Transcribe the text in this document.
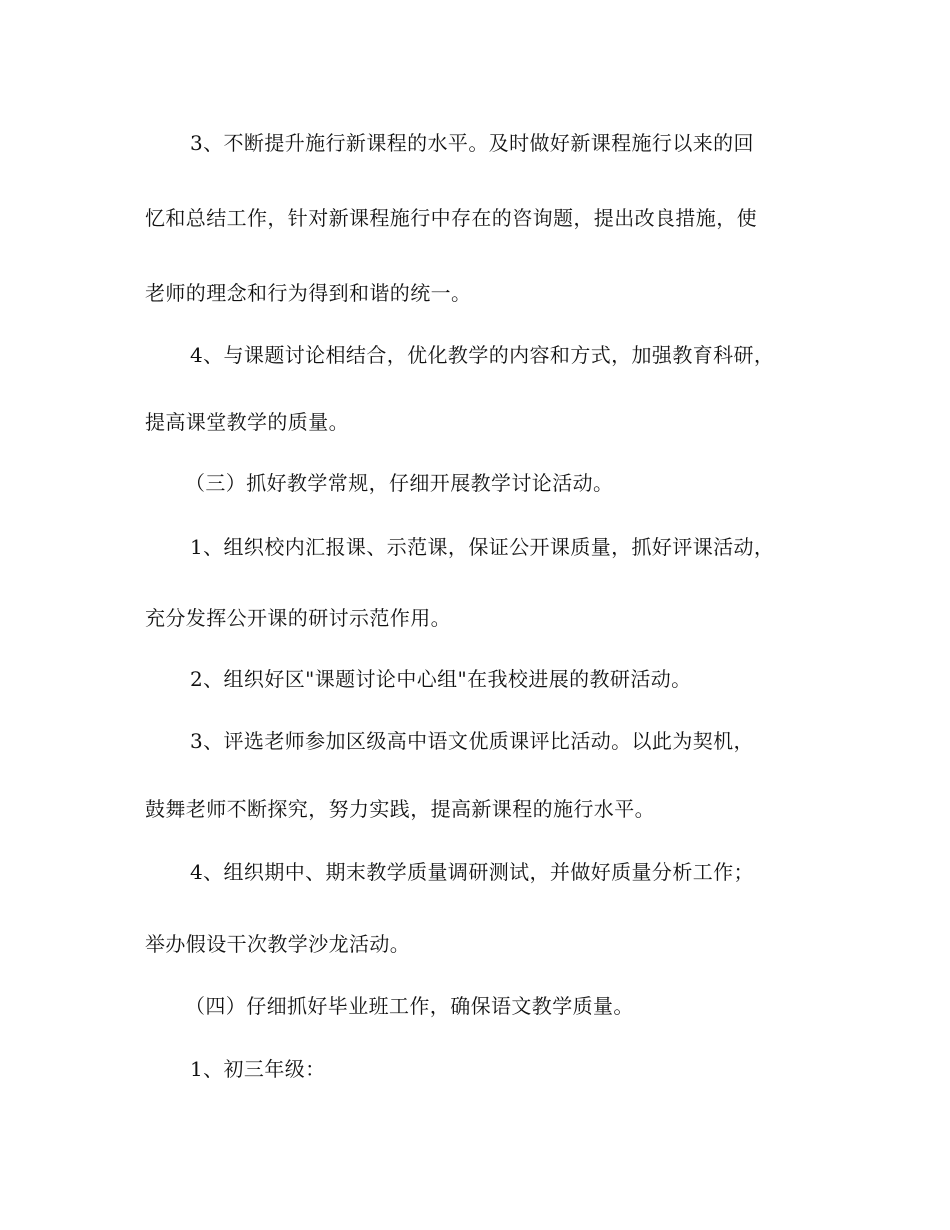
3、不断提升施行新课程的水平。及时做好新课程施行以来的回
忆和总结工作，针对新课程施行中存在的咨询题，提出改良措施，使
老师的理念和行为得到和谐的统一。
4、与课题讨论相结合，优化教学的内容和方式，加强教育科研，
提高课堂教学的质量。
（三）抓好教学常规，仔细开展教学讨论活动。
1、组织校内汇报课、示范课，保证公开课质量，抓好评课活动，
充分发挥公开课的研讨示范作用。
2、组织好区"课题讨论中心组"在我校进展的教研活动。
3、评选老师参加区级高中语文优质课评比活动。以此为契机，
鼓舞老师不断探究，努力实践，提高新课程的施行水平。
4、组织期中、期末教学质量调研测试，并做好质量分析工作；
举办假设干次教学沙龙活动。
（四）仔细抓好毕业班工作，确保语文教学质量。
1、初三年级：
